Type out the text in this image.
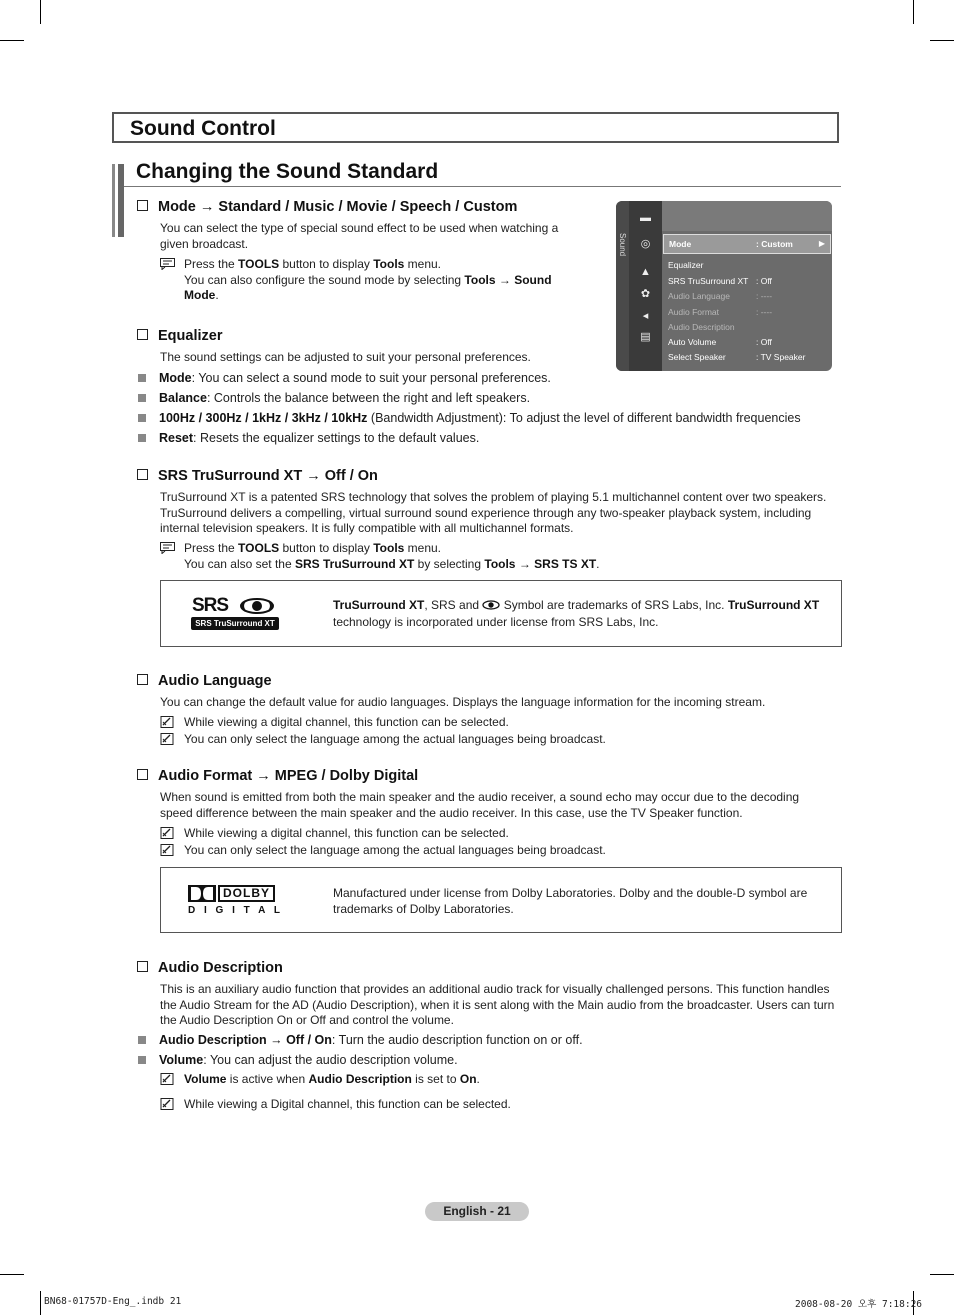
Sound Control
Changing the Sound Standard
Mode → Standard / Music / Movie / Speech / Custom
You can select the type of special sound effect to be used when watching a given broadcast.
Press the TOOLS button to display Tools menu.
You can also configure the sound mode by selecting Tools → Sound
Mode.
Sound
▬
◎
▲
✿
◂
▤
Mode	: Custom	▶
Equalizer
SRS TruSurround XT : Off
Audio Language	: ----
Audio Format	: ----
Audio Description
Auto Volume	: Off
Select Speaker	: TV Speaker
Equalizer
The sound settings can be adjusted to suit your personal preferences.
Mode: You can select a sound mode to suit your personal preferences.
Balance: Controls the balance between the right and left speakers.
100Hz / 300Hz / 1kHz / 3kHz / 10kHz (Bandwidth Adjustment): To adjust the level of different bandwidth frequencies
Reset: Resets the equalizer settings to the default values.
SRS TruSurround XT → Off / On
TruSurround XT is a patented SRS technology that solves the problem of playing 5.1 multichannel content over two speakers. TruSurround delivers a compelling, virtual surround sound experience through any two-speaker playback system, including internal television speakers. It is fully compatible with all multichannel formats.
Press the TOOLS button to display Tools menu.
You can also set the SRS TruSurround XT by selecting Tools → SRS TS XT.
SRS
SRS TruSurround XT
TruSurround XT, SRS and  Symbol are trademarks of SRS Labs, Inc. TruSurround XT
technology is incorporated under license from SRS Labs, Inc.
Audio Language
You can change the default value for audio languages. Displays the language information for the incoming stream.
While viewing a digital channel, this function can be selected.
You can only select the language among the actual languages being broadcast.
Audio Format → MPEG / Dolby Digital
When sound is emitted from both the main speaker and the audio receiver, a sound echo may occur due to the decoding speed difference between the main speaker and the audio receiver. In this case, use the TV Speaker function.
While viewing a digital channel, this function can be selected.
You can only select the language among the actual languages being broadcast.
DOLBY
D I G I T A L
Manufactured under license from Dolby Laboratories. Dolby and the double-D symbol are trademarks of Dolby Laboratories.
Audio Description
This is an auxiliary audio function that provides an additional audio track for visually challenged persons. This function handles the Audio Stream for the AD (Audio Description), when it is sent along with the Main audio from the broadcaster. Users can turn the Audio Description On or Off and control the volume.
Audio Description → Off / On: Turn the audio description function on or off.
Volume: You can adjust the audio description volume.
Volume is active when Audio Description is set to On.
While viewing a Digital channel, this function can be selected.
English - 21
BN68-01757D-Eng_.indb 21	2008-08-20 오후 7:18:26
